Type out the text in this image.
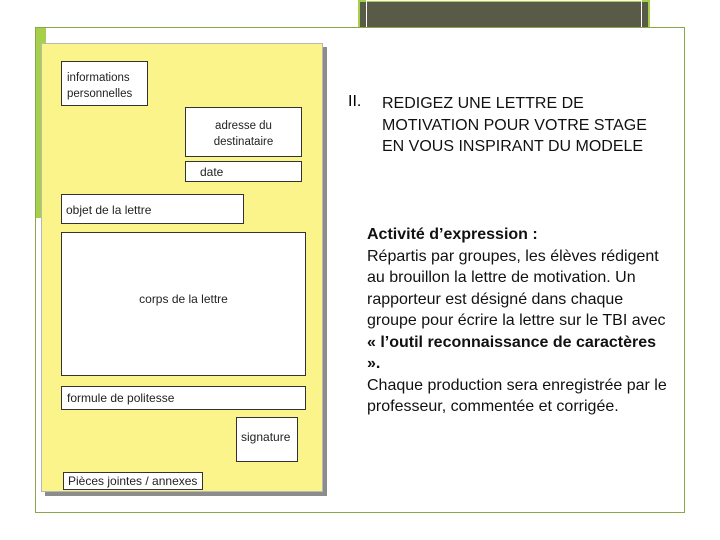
informations personnelles
adresse du destinataire
date
objet de la lettre
corps de la lettre
formule de politesse
signature
Pièces jointes / annexes
II. REDIGEZ UNE LETTRE DE MOTIVATION POUR VOTRE STAGE EN VOUS INSPIRANT DU MODELE
Activité d’expression :
Répartis par groupes, les élèves rédigent au brouillon la lettre de motivation. Un rapporteur est désigné dans chaque groupe pour écrire la lettre sur le TBI avec
« l’outil reconnaissance de caractères ».
Chaque production sera enregistrée par le professeur, commentée et corrigée.
